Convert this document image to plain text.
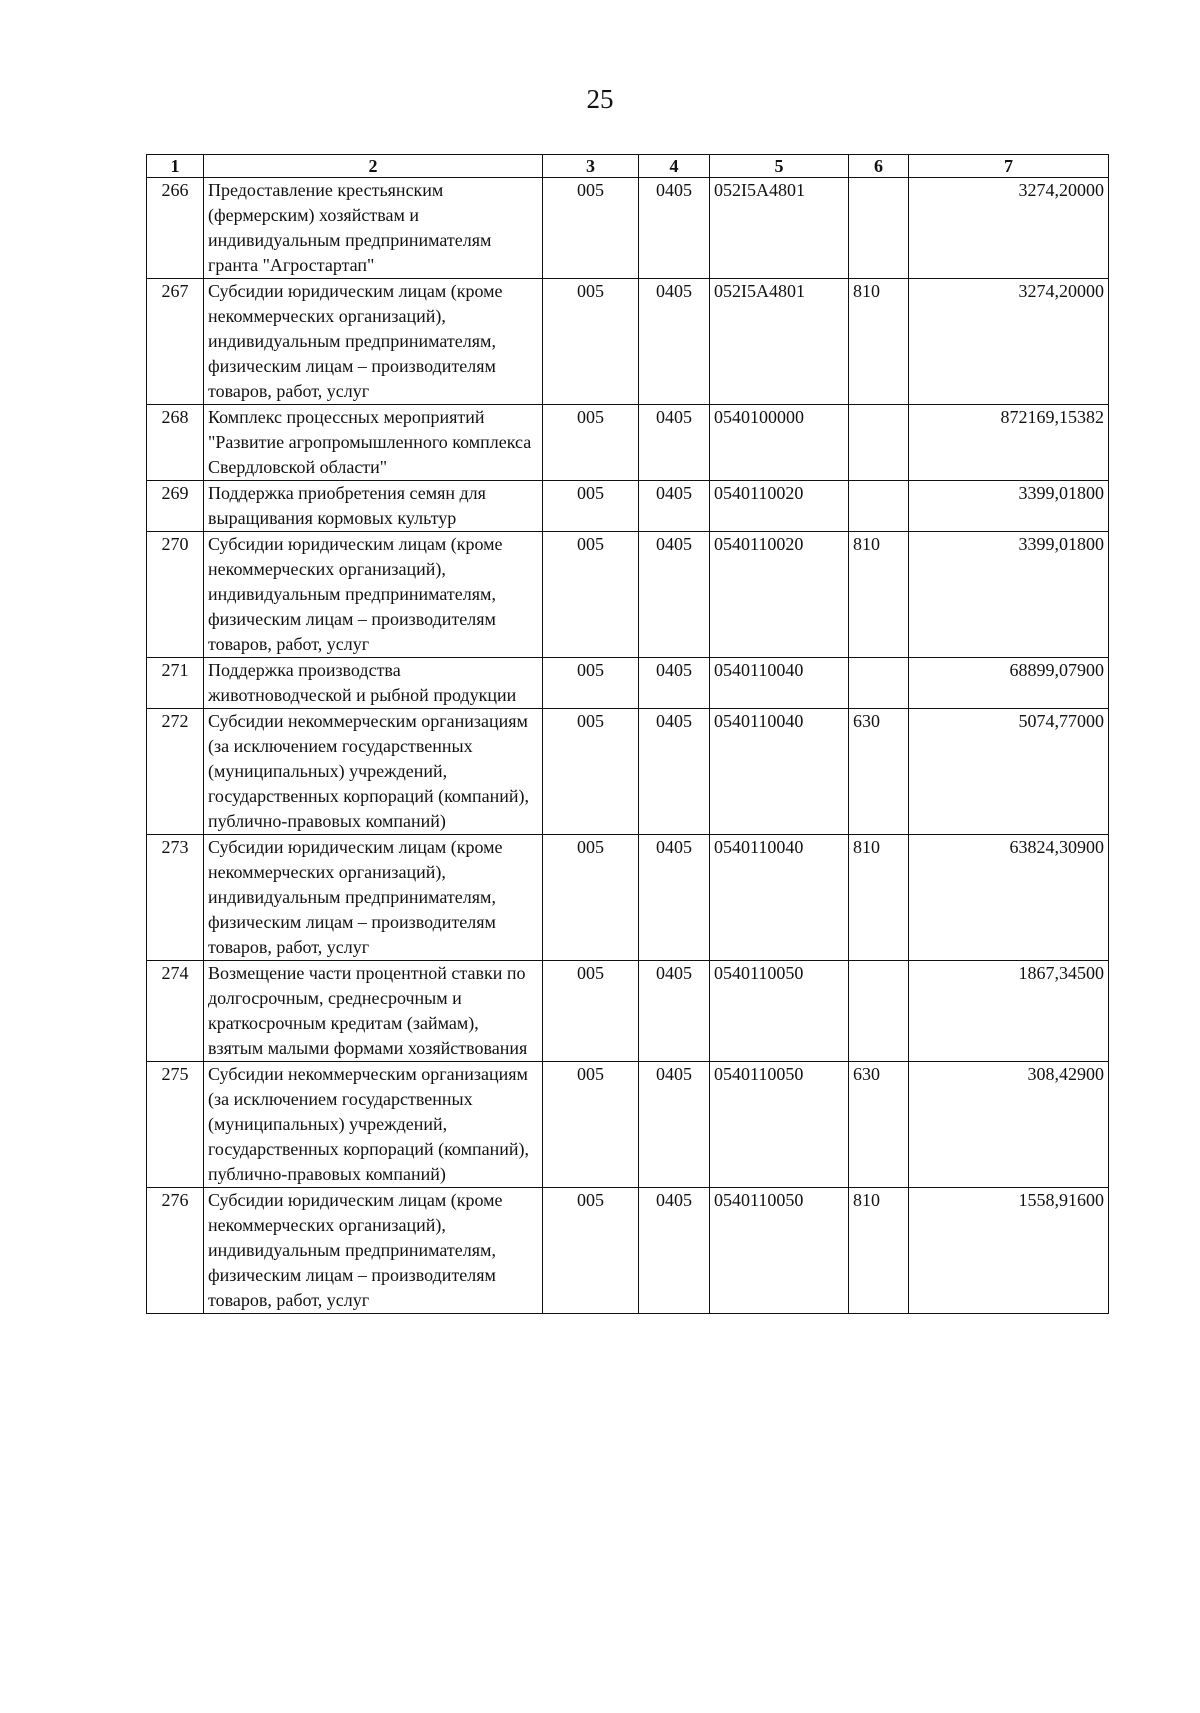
25
1	2	3	4	5	6	7
266	Предоставление крестьянским (фермерским) хозяйствам и индивидуальным предпринимателям гранта "Агростартап"	005	0405	052I5A4801		3274,20000
267	Субсидии юридическим лицам (кроме некоммерческих организаций), индивидуальным предпринимателям, физическим лицам – производителям товаров, работ, услуг	005	0405	052I5A4801	810	3274,20000
268	Комплекс процессных мероприятий "Развитие агропромышленного комплекса Свердловской области"	005	0405	0540100000		872169,15382
269	Поддержка приобретения семян для выращивания кормовых культур	005	0405	0540110020		3399,01800
270	Субсидии юридическим лицам (кроме некоммерческих организаций), индивидуальным предпринимателям, физическим лицам – производителям товаров, работ, услуг	005	0405	0540110020	810	3399,01800
271	Поддержка производства животноводческой и рыбной продукции	005	0405	0540110040		68899,07900
272	Субсидии некоммерческим организациям (за исключением государственных (муниципальных) учреждений, государственных корпораций (компаний), публично-правовых компаний)	005	0405	0540110040	630	5074,77000
273	Субсидии юридическим лицам (кроме некоммерческих организаций), индивидуальным предпринимателям, физическим лицам – производителям товаров, работ, услуг	005	0405	0540110040	810	63824,30900
274	Возмещение части процентной ставки по долгосрочным, среднесрочным и краткосрочным кредитам (займам), взятым малыми формами хозяйствования	005	0405	0540110050		1867,34500
275	Субсидии некоммерческим организациям (за исключением государственных (муниципальных) учреждений, государственных корпораций (компаний), публично-правовых компаний)	005	0405	0540110050	630	308,42900
276	Субсидии юридическим лицам (кроме некоммерческих организаций), индивидуальным предпринимателям, физическим лицам – производителям товаров, работ, услуг	005	0405	0540110050	810	1558,91600
